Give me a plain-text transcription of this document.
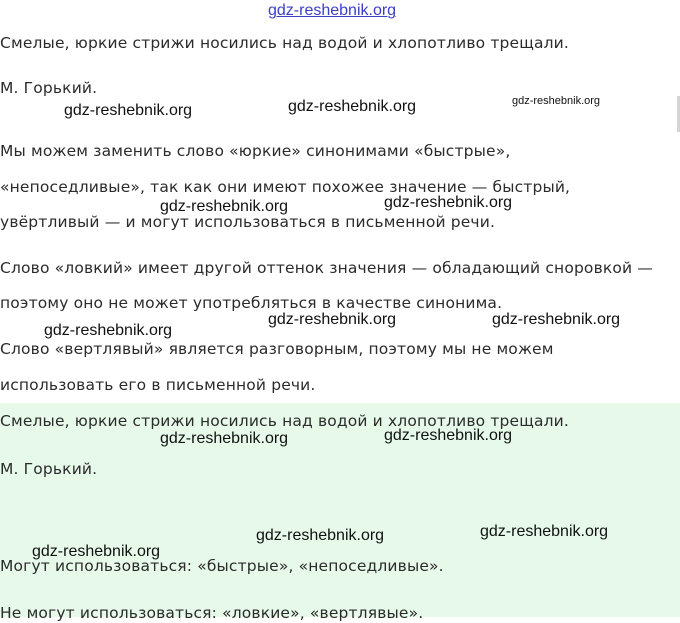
Смелые, юркие стрижи носились над водой и хлопотливо трещали.

М. Горький.

Мы можем заменить слово «юркие» синонимами «быстрые»,

«непоседливые», так как они имеют похожее значение — быстрый,

увёртливый — и могут использоваться в письменной речи.

Слово «ловкий» имеет другой оттенок значения — обладающий сноровкой —

поэтому оно не может употребляться в качестве синонима.

Слово «вертлявый» является разговорным, поэтому мы не можем

использовать его в письменной речи.

Смелые, юркие стрижи носились над водой и хлопотливо трещали.

М. Горький.

Могут использоваться: «быстрые», «непоседливые».

Не могут использоваться: «ловкие», «вертлявые».

gdz-reshebnik.org
gdz-reshebnik.org	gdz-reshebnik.org	gdz-reshebnik.org
gdz-reshebnik.org	gdz-reshebnik.org
gdz-reshebnik.org
gdz-reshebnik.org	gdz-reshebnik.org
gdz-reshebnik.org	gdz-reshebnik.org
gdz-reshebnik.org	gdz-reshebnik.org
gdz-reshebnik.org
